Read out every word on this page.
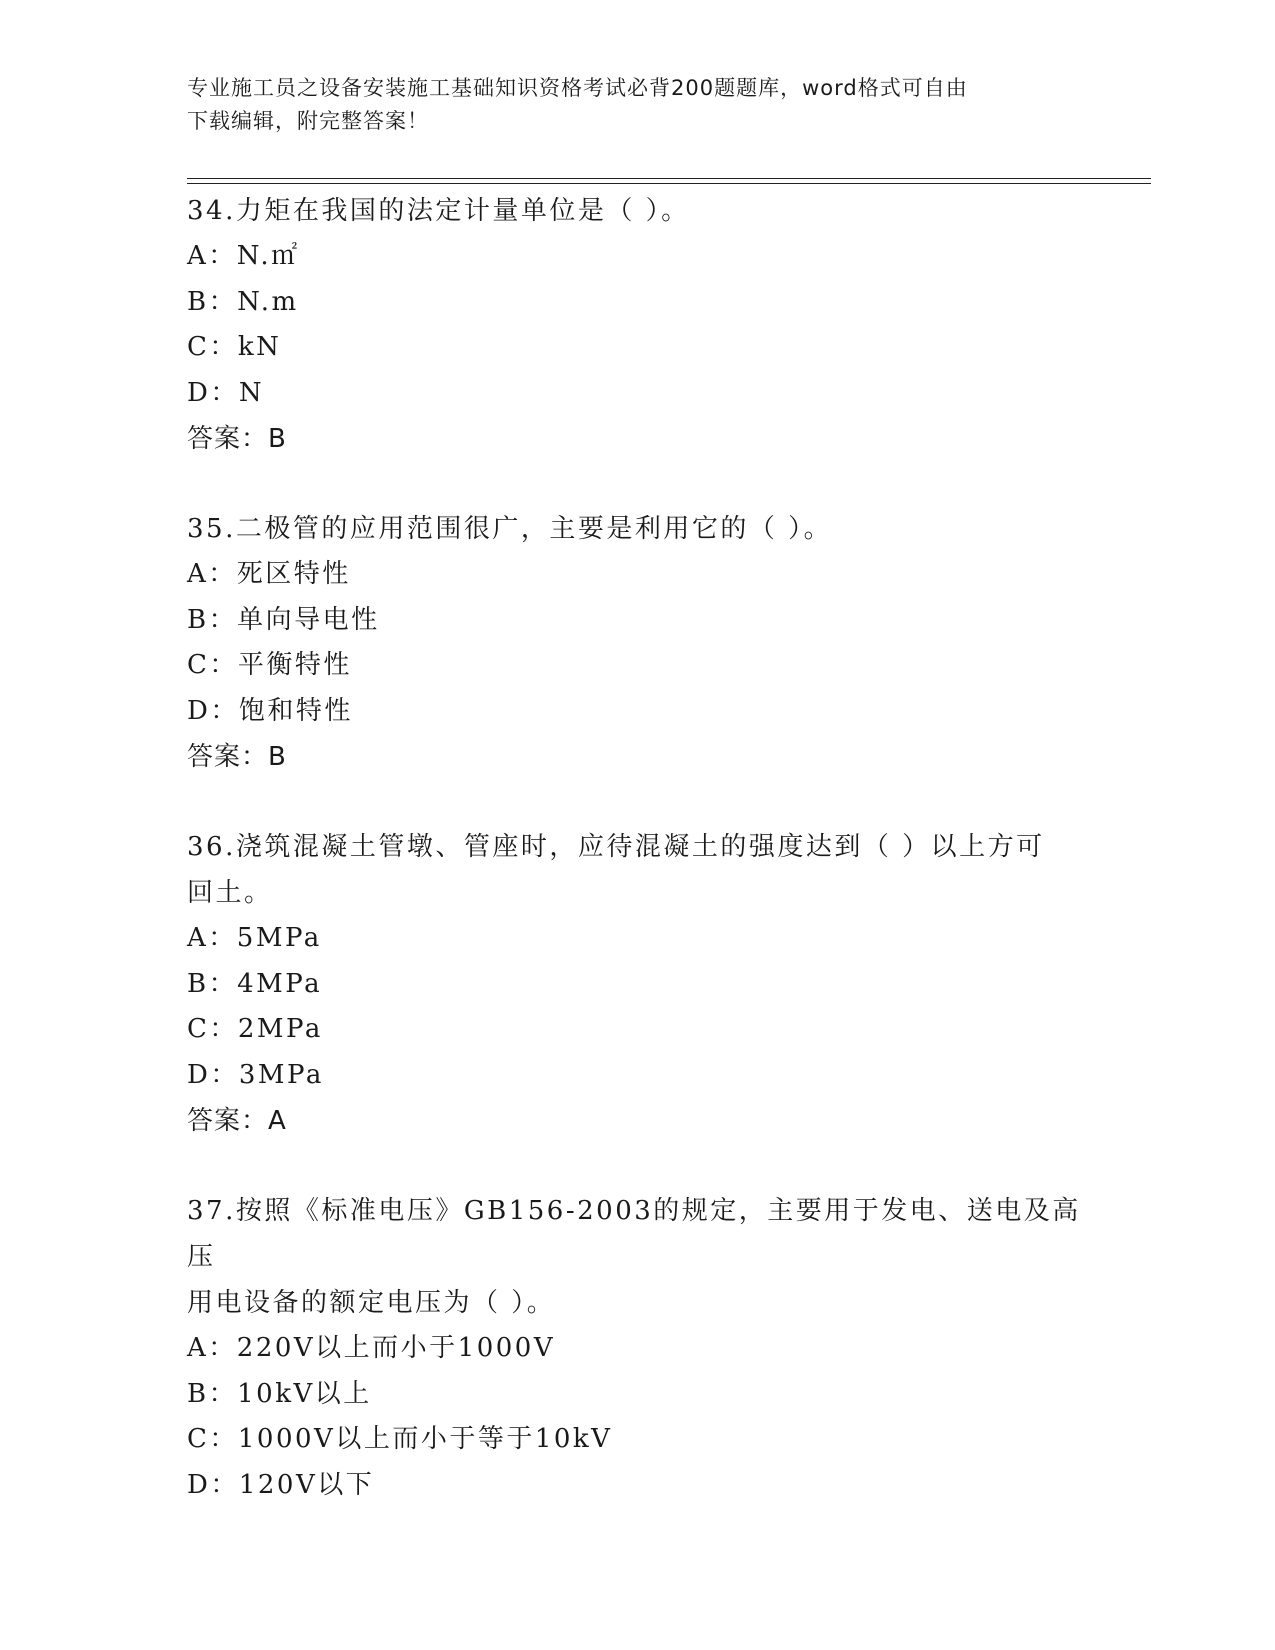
专业施工员之设备安装施工基础知识资格考试必背200题题库，word格式可自由
下载编辑，附完整答案！

34.力矩在我国的法定计量单位是（ ）。

A：N.㎡

B：N.m

C：kN

D：N

答案：B

35.二极管的应用范围很广，主要是利用它的（ ）。

A：死区特性

B：单向导电性

C：平衡特性

D：饱和特性

答案：B

36.浇筑混凝土管墩、管座时，应待混凝土的强度达到（ ）以上方可

回土。

A：5MPa

B：4MPa

C：2MPa

D：3MPa

答案：A

37.按照《标准电压》GB156-2003的规定，主要用于发电、送电及高压

用电设备的额定电压为（ ）。

A：220V以上而小于1000V

B：10kV以上

C：1000V以上而小于等于10kV

D：120V以下
